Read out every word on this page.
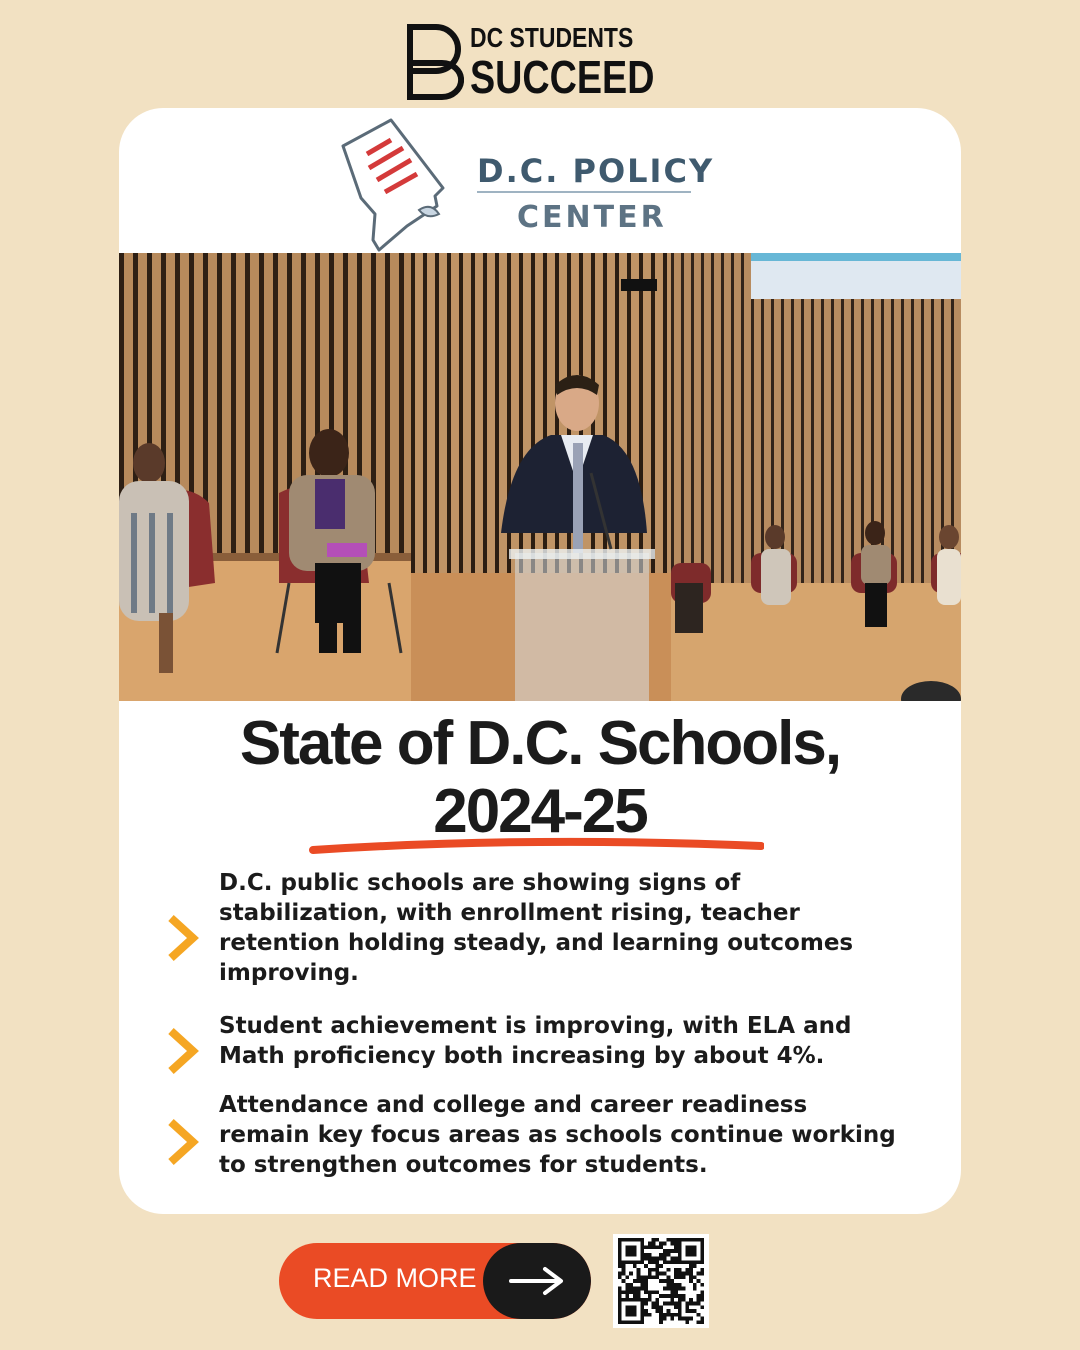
DC STUDENTS
SUCCEED
D.C. POLICY
CENTER
State of D.C. Schools,
2024-25
D.C. public schools are showing signs of stabilization, with enrollment rising, teacher retention holding steady, and learning outcomes improving.
Student achievement is improving, with ELA and Math proficiency both increasing by about 4%.
Attendance and college and career readiness remain key focus areas as schools continue working to strengthen outcomes for students.
READ MORE
